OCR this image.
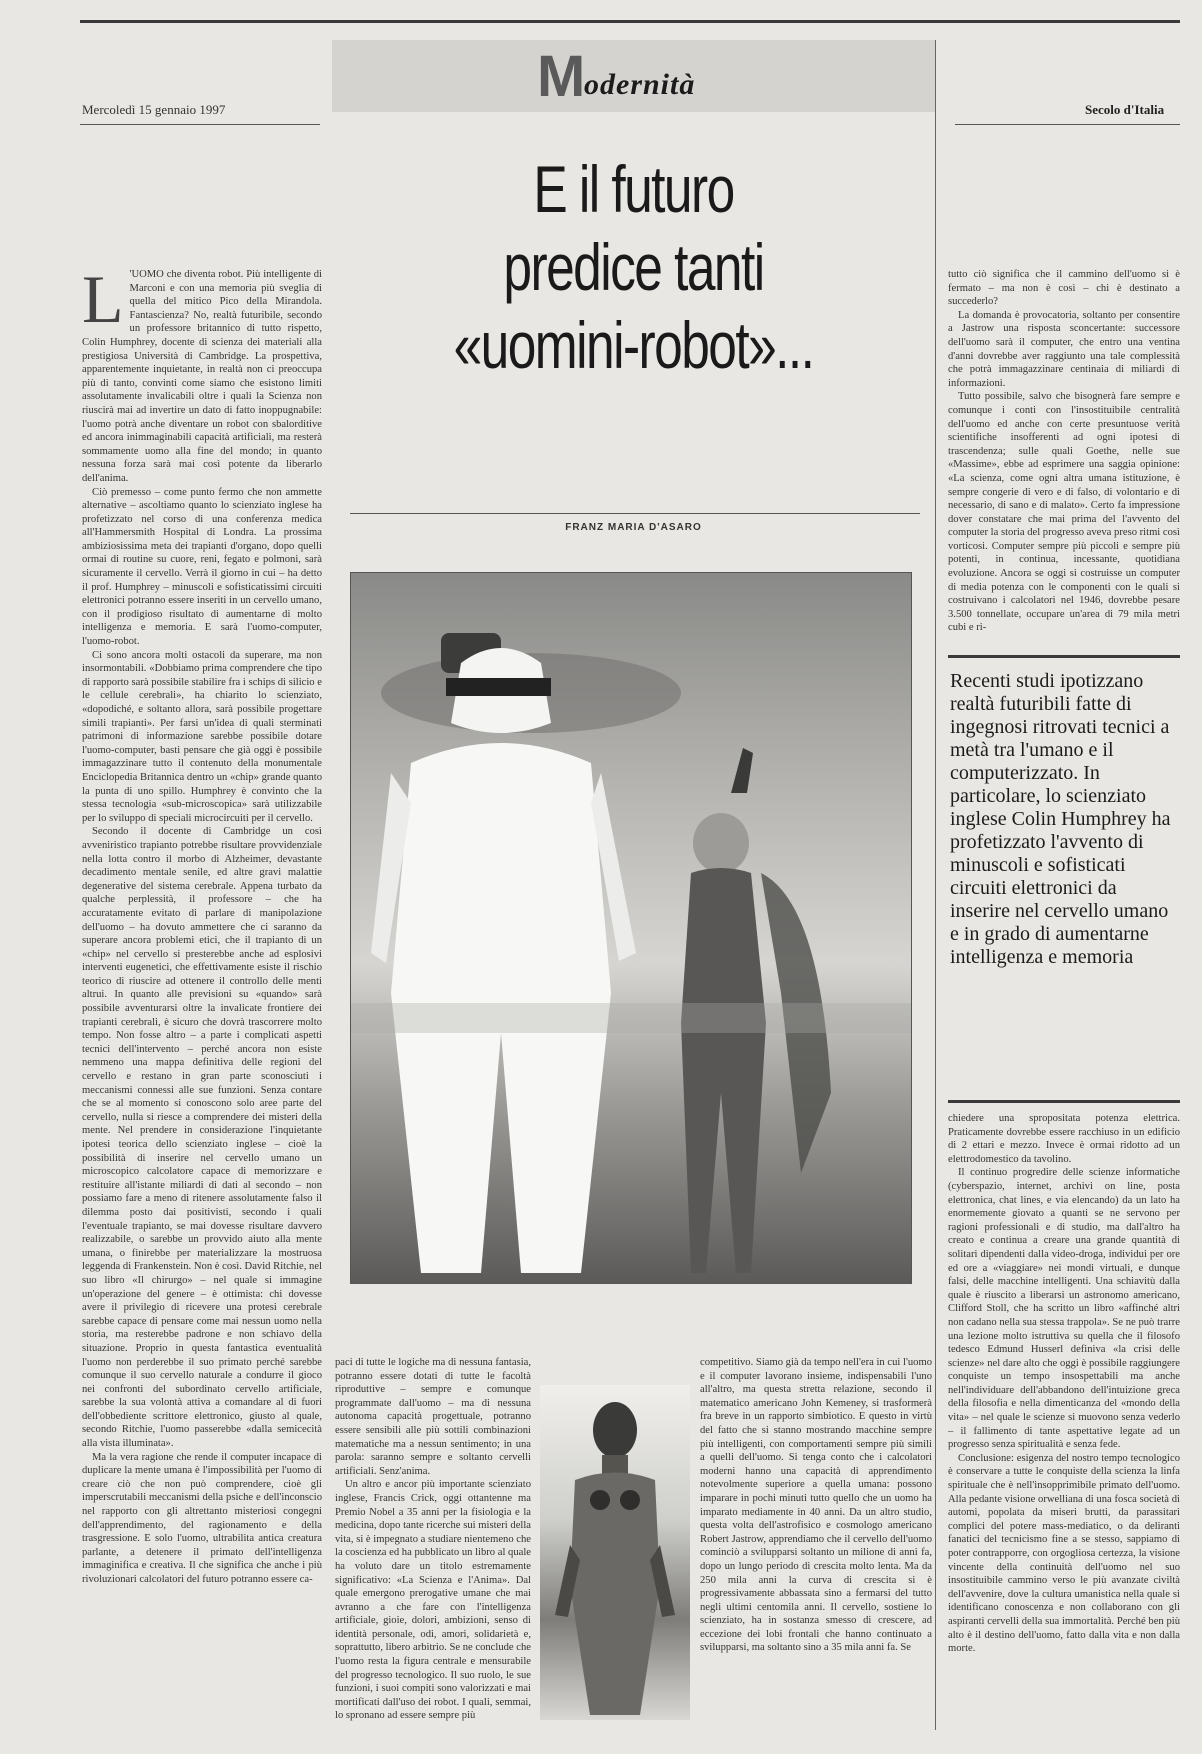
Mercoledì 15 gennaio 1997	Secolo d'Italia
M
odernità
E il futuro
predice tanti
«uomini-robot»...
FRANZ MARIA D'ASARO
L 'UOMO che diventa robot. Più intelligente di Marconi e con una memoria più sveglia di quella del mitico Pico della Mirandola. Fantascienza? No, realtà futuribile, secondo un professore britannico di tutto rispetto, Colin Humphrey, docente di scienza dei materiali alla prestigiosa Università di Cambridge. La prospettiva, apparentemente inquietante, in realtà non ci preoccupa più di tanto, convinti come siamo che esistono limiti assolutamente invalicabili oltre i quali la Scienza non riuscirà mai ad invertire un dato di fatto inoppugnabile: l'uomo potrà anche diventare un robot con sbalorditive ed ancora inimmaginabili capacità artificiali, ma resterà sommamente uomo alla fine del mondo; in quanto nessuna forza sarà mai così potente da liberarlo dell'anima.

Ciò premesso – come punto fermo che non ammette alternative – ascoltiamo quanto lo scienziato inglese ha profetizzato nel corso di una conferenza medica all'Hammersmith Hospital di Londra. La prossima ambiziosissima meta dei trapianti d'organo, dopo quelli ormai di routine su cuore, reni, fegato e polmoni, sarà sicuramente il cervello. Verrà il giorno in cui – ha detto il prof. Humphrey – minuscoli e sofisticatissimi circuiti elettronici potranno essere inseriti in un cervello umano, con il prodigioso risultato di aumentarne di molto intelligenza e memoria. E sarà l'uomo-computer, l'uomo-robot.

Ci sono ancora molti ostacoli da superare, ma non insormontabili. «Dobbiamo prima comprendere che tipo di rapporto sarà possibile stabilire fra i schips di silicio e le cellule cerebrali», ha chiarito lo scienziato, «dopodiché, e soltanto allora, sarà possibile progettare simili trapianti». Per farsi un'idea di quali sterminati patrimoni di informazione sarebbe possibile dotare l'uomo-computer, basti pensare che già oggi è possibile immagazzinare tutto il contenuto della monumentale Enciclopedia Britannica dentro un «chip» grande quanto la punta di uno spillo. Humphrey è convinto che la stessa tecnologia «sub-microscopica» sarà utilizzabile per lo sviluppo di speciali microcircuiti per il cervello.

Secondo il docente di Cambridge un così avveniristico trapianto potrebbe risultare provvidenziale nella lotta contro il morbo di Alzheimer, devastante decadimento mentale senile, ed altre gravi malattie degenerative del sistema cerebrale. Appena turbato da qualche perplessità, il professore – che ha accuratamente evitato di parlare di manipolazione dell'uomo – ha dovuto ammettere che ci saranno da superare ancora problemi etici, che il trapianto di un «chip» nel cervello si presterebbe anche ad esplosivi interventi eugenetici, che effettivamente esiste il rischio teorico di riuscire ad ottenere il controllo delle menti altrui. In quanto alle previsioni su «quando» sarà possibile avventurarsi oltre la invalicate frontiere dei trapianti cerebrali, è sicuro che dovrà trascorrere molto tempo. Non fosse altro – a parte i complicati aspetti tecnici dell'intervento – perché ancora non esiste nemmeno una mappa definitiva delle regioni del cervello e restano in gran parte sconosciuti i meccanismi connessi alle sue funzioni. Senza contare che se al momento si conoscono solo aree parte del cervello, nulla si riesce a comprendere dei misteri della mente. Nel prendere in considerazione l'inquietante ipotesi teorica dello scienziato inglese – cioè la possibilità di inserire nel cervello umano un microscopico calcolatore capace di memorizzare e restituire all'istante miliardi di dati al secondo – non possiamo fare a meno di ritenere assolutamente falso il dilemma posto dai positivisti, secondo i quali l'eventuale trapianto, se mai dovesse risultare davvero realizzabile, o sarebbe un provvido aiuto alla mente umana, o finirebbe per materializzare la mostruosa leggenda di Frankenstein. Non è così. David Ritchie, nel suo libro «Il chirurgo» – nel quale si immagine un'operazione del genere – è ottimista: chi dovesse avere il privilegio di ricevere una protesi cerebrale sarebbe capace di pensare come mai nessun uomo nella storia, ma resterebbe padrone e non schiavo della situazione. Proprio in questa fantastica eventualità l'uomo non perderebbe il suo primato perché sarebbe comunque il suo cervello naturale a condurre il gioco nei confronti del subordinato cervello artificiale, sarebbe la sua volontà attiva a comandare al di fuori dell'obbediente scrittore elettronico, giusto al quale, secondo Ritchie, l'uomo passerebbe «dalla semicecità alla vista illuminata».

Ma la vera ragione che rende il computer incapace di duplicare la mente umana è l'impossibilità per l'uomo di creare ciò che non può comprendere, cioè gli imperscrutabili meccanismi della psiche e dell'inconscio nel rapporto con gli altrettanto misteriosi congegni dell'apprendimento, del ragionamento e della trasgressione. E solo l'uomo, ultrabilita antica creatura parlante, a detenere il primato dell'intelligenza immaginifica e creativa. Il che significa che anche i più rivoluzionari calcolatori del futuro potranno essere ca-

paci di tutte le logiche ma di nessuna fantasia, potranno essere dotati di tutte le facoltà riproduttive – sempre e comunque programmate dall'uomo – ma di nessuna autonoma capacità progettuale, potranno essere sensibili alle più sottili combinazioni matematiche ma a nessun sentimento; in una parola: saranno sempre e soltanto cervelli artificiali. Senz'anima.

Un altro e ancor più importante scienziato inglese, Francis Crick, oggi ottantenne ma Premio Nobel a 35 anni per la fisiologia e la medicina, dopo tante ricerche sui misteri della vita, si è impegnato a studiare nientemeno che la coscienza ed ha pubblicato un libro al quale ha voluto dare un titolo estremamente significativo: «La Scienza e l'Anima». Dal quale emergono prerogative umane che mai avranno a che fare con l'intelligenza artificiale, gioie, dolori, ambizioni, senso di identità personale, odi, amori, solidarietà e, soprattutto, libero arbitrio. Se ne conclude che l'uomo resta la figura centrale e mensurabile del progresso tecnologico. Il suo ruolo, le sue funzioni, i suoi compiti sono valorizzati e mai mortificati dall'uso dei robot. I quali, semmai, lo spronano ad essere sempre più

competitivo. Siamo già da tempo nell'era in cui l'uomo e il computer lavorano insieme, indispensabili l'uno all'altro, ma questa stretta relazione, secondo il matematico americano John Kemeney, si trasformerà fra breve in un rapporto simbiotico. E questo in virtù del fatto che si stanno mostrando macchine sempre più intelligenti, con comportamenti sempre più simili a quelli dell'uomo. Si tenga conto che i calcolatori moderni hanno una capacità di apprendimento notevolmente superiore a quella umana: possono imparare in pochi minuti tutto quello che un uomo ha imparato mediamente in 40 anni. Da un altro studio, questa volta dell'astrofisico e cosmologo americano Robert Jastrow, apprendiamo che il cervello dell'uomo cominciò a svilupparsi soltanto un milione di anni fa, dopo un lungo periodo di crescita molto lenta. Ma da 250 mila anni la curva di crescita si è progressivamente abbassata sino a fermarsi del tutto negli ultimi centomila anni. Il cervello, sostiene lo scienziato, ha in sostanza smesso di crescere, ad eccezione dei lobi frontali che hanno continuato a svilupparsi, ma soltanto sino a 35 mila anni fa. Se

tutto ciò significa che il cammino dell'uomo si è fermato – ma non è così – chi è destinato a succederlo?

La domanda è provocatoria, soltanto per consentire a Jastrow una risposta sconcertante: successore dell'uomo sarà il computer, che entro una ventina d'anni dovrebbe aver raggiunto una tale complessità che potrà immagazzinare centinaia di miliardi di informazioni.

Tutto possibile, salvo che bisognerà fare sempre e comunque i conti con l'insostituibile centralità dell'uomo ed anche con certe presuntuose verità scientifiche insofferenti ad ogni ipotesi di trascendenza; sulle quali Goethe, nelle sue «Massime», ebbe ad esprimere una saggia opinione: «La scienza, come ogni altra umana istituzione, è sempre congerie di vero e di falso, di volontario e di necessario, di sano e di malato». Certo fa impressione dover constatare che mai prima del l'avvento del computer la storia del progresso aveva preso ritmi così vorticosi. Computer sempre più piccoli e sempre più potenti, in continua, incessante, quotidiana evoluzione. Ancora se oggi si costruisse un computer di media potenza con le componenti con le quali si costruivano i calcolatori nel 1946, dovrebbe pesare 3.500 tonnellate, occupare un'area di 79 mila metri cubi e ri-

Recenti studi ipotizzano realtà futuribili fatte di ingegnosi ritrovati tecnici a metà tra l'umano e il computerizzato. In particolare, lo scienziato inglese Colin Humphrey ha profetizzato l'avvento di minuscoli e sofisticati circuiti elettronici da inserire nel cervello umano e in grado di aumentarne intelligenza e memoria

chiedere una spropositata potenza elettrica. Praticamente dovrebbe essere racchiuso in un edificio di 2 ettari e mezzo. Invece è ormai ridotto ad un elettrodomestico da tavolino.

Il continuo progredire delle scienze informatiche (cyberspazio, internet, archivi on line, posta elettronica, chat lines, e via elencando) da un lato ha enormemente giovato a quanti se ne servono per ragioni professionali e di studio, ma dall'altro ha creato e continua a creare una grande quantità di solitari dipendenti dalla video-droga, individui per ore ed ore a «viaggiare» nei mondi virtuali, e dunque falsi, delle macchine intelligenti. Una schiavitù dalla quale è riuscito a liberarsi un astronomo americano, Clifford Stoll, che ha scritto un libro «affinché altri non cadano nella sua stessa trappola». Se ne può trarre una lezione molto istruttiva su quella che il filosofo tedesco Edmund Husserl definiva «la crisi delle scienze» nel dare alto che oggi è possibile raggiungere conquiste un tempo insospettabili ma anche nell'individuare dell'abbandono dell'intuizione greca della filosofia e nella dimenticanza del «mondo della vita» – nel quale le scienze si muovono senza vederlo – il fallimento di tante aspettative legate ad un progresso senza spiritualità e senza fede.

Conclusione: esigenza del nostro tempo tecnologico è conservare a tutte le conquiste della scienza la linfa spirituale che è nell'insopprimibile primato dell'uomo. Alla pedante visione orwelliana di una fosca società di automi, popolata da miseri brutti, da parassitari complici del potere mass-mediatico, o da deliranti fanatici del tecnicismo fine a se stesso, sappiamo di poter contrapporre, con orgogliosa certezza, la visione vincente della continuità dell'uomo nel suo insostituibile cammino verso le più avanzate civiltà dell'avvenire, dove la cultura umanistica nella quale si identificano conoscenza e non collaborano con gli aspiranti cervelli della sua immortalità. Perché ben più alto è il destino dell'uomo, fatto dalla vita e non dalla morte.
